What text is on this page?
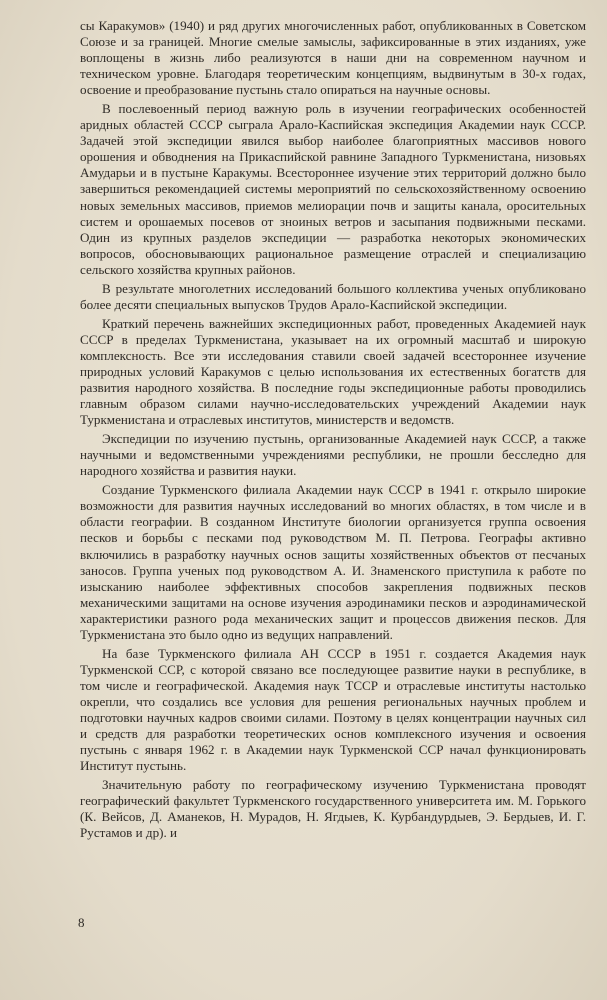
сы Каракумов» (1940) и ряд других многочисленных работ, опубликованных в Советском Союзе и за границей. Многие смелые замыслы, зафиксированные в этих изданиях, уже воплощены в жизнь либо реализуются в наши дни на современном научном и техническом уровне. Благодаря теоретическим концепциям, выдвинутым в 30-х годах, освоение и преобразование пустынь стало опираться на научные основы.

В послевоенный период важную роль в изучении географических особенностей аридных областей СССР сыграла Арало-Каспийская экспедиция Академии наук СССР. Задачей этой экспедиции явился выбор наиболее благоприятных массивов нового орошения и обводнения на Прикаспийской равнине Западного Туркменистана, низовьях Амударьи и в пустыне Каракумы. Всестороннее изучение этих территорий должно было завершиться рекомендацией системы мероприятий по сельскохозяйственному освоению новых земельных массивов, приемов мелиорации почв и защиты канала, оросительных систем и орошаемых посевов от зноиных ветров и засыпания подвижными песками. Один из крупных разделов экспедиции — разработка некоторых экономических вопросов, обосновывающих рациональное размещение отраслей и специализацию сельского хозяйства крупных районов.

В результате многолетних исследований большого коллектива ученых опубликовано более десяти специальных выпусков Трудов Арало-Каспийской экспедиции.

Краткий перечень важнейших экспедиционных работ, проведенных Академией наук СССР в пределах Туркменистана, указывает на их огромный масштаб и широкую комплексность. Все эти исследования ставили своей задачей всестороннее изучение природных условий Каракумов с целью использования их естественных богатств для развития народного хозяйства. В последние годы экспедиционные работы проводились главным образом силами научно-исследовательских учреждений Академии наук Туркменистана и отраслевых институтов, министерств и ведомств.

Экспедиции по изучению пустынь, организованные Академией наук СССР, а также научными и ведомственными учреждениями республики, не прошли бесследно для народного хозяйства и развития науки.

Создание Туркменского филиала Академии наук СССР в 1941 г. открыло широкие возможности для развития научных исследований во многих областях, в том числе и в области географии. В созданном Институте биологии организуется группа освоения песков и борьбы с песками под руководством М. П. Петрова. Географы активно включились в разработку научных основ защиты хозяйственных объектов от песчаных заносов. Группа ученых под руководством А. И. Знаменского приступила к работе по изысканию наиболее эффективных способов закрепления подвижных песков механическими защитами на основе изучения аэродинамики песков и аэродинамической характеристики разного рода механических защит и процессов движения песков. Для Туркменистана это было одно из ведущих направлений.

На базе Туркменского филиала АН СССР в 1951 г. создается Академия наук Туркменской ССР, с которой связано все последующее развитие науки в республике, в том числе и географической. Академия наук ТССР и отраслевые институты настолько окрепли, что создались все условия для решения региональных научных проблем и подготовки научных кадров своими силами. Поэтому в целях концентрации научных сил и средств для разработки теоретических основ комплексного изучения и освоения пустынь с января 1962 г. в Академии наук Туркменской ССР начал функционировать Институт пустынь.

Значительную работу по географическому изучению Туркменистана проводят географический факультет Туркменского государственного университета им. М. Горького (К. Вейсов, Д. Аманеков, Н. Мурадов, Н. Ягдыев, К. Курбандурдыев, Э. Бердыев, И. Г. Рустамов и др). и

8
